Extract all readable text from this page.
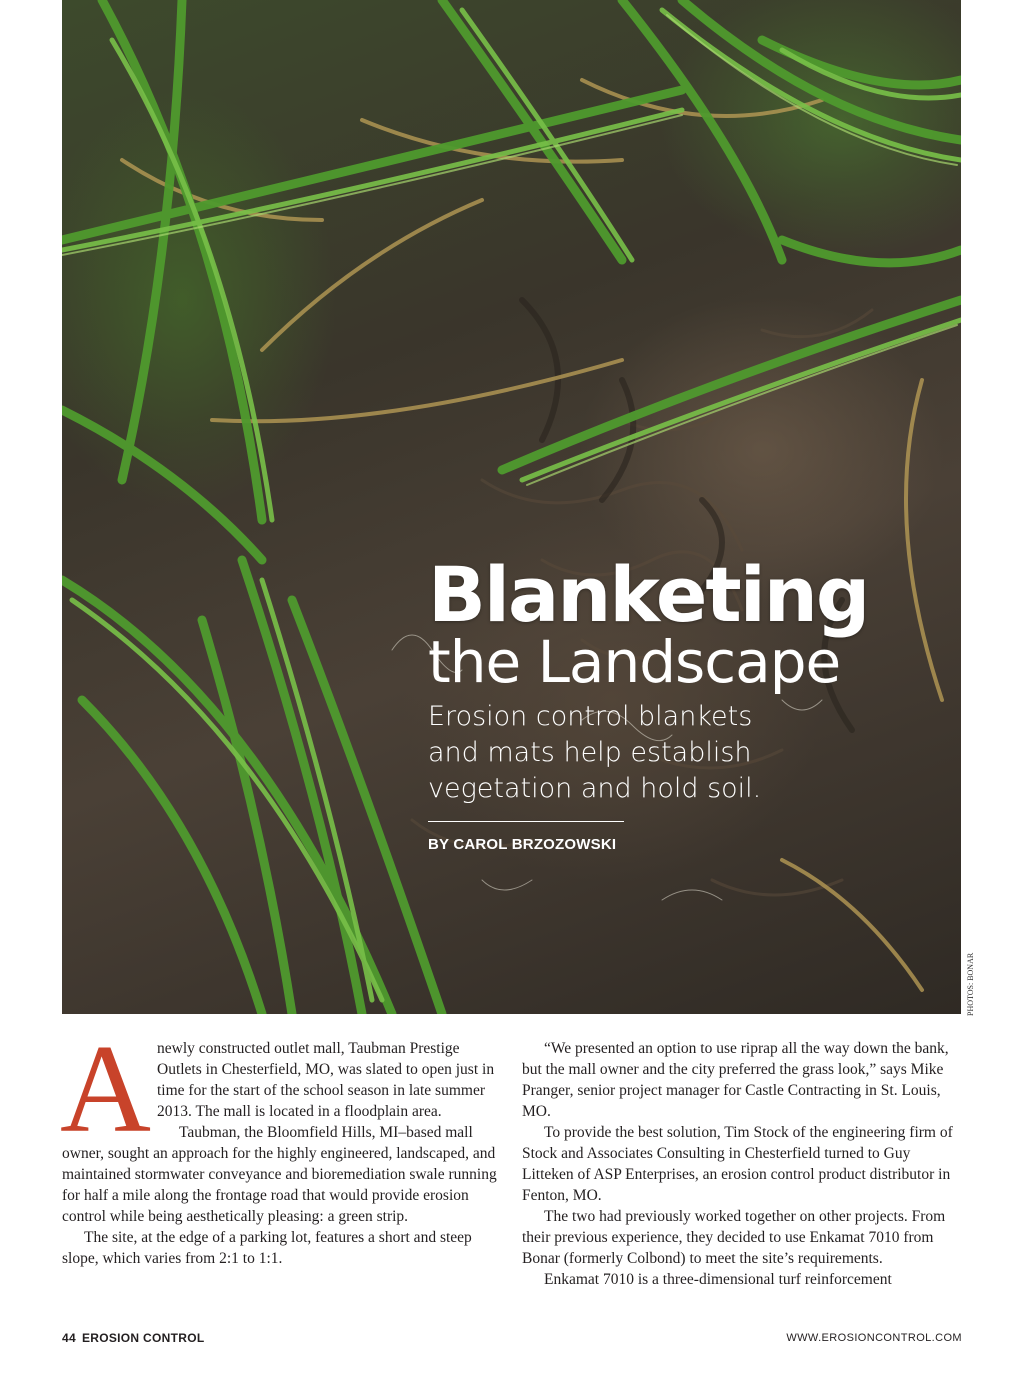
Blanketing
the Landscape
Erosion control blankets and mats help establish vegetation and hold soil.
BY CAROL BRZOZOWSKI
PHOTOS: BONAR

A newly constructed outlet mall, Taubman Prestige Outlets in Chesterfield, MO, was slated to open just in time for the start of the school season in late summer 2013. The mall is located in a floodplain area.

Taubman, the Bloomfield Hills, MI–based mall owner, sought an approach for the highly engineered, landscaped, and maintained stormwater conveyance and bioremediation swale running for half a mile along the frontage road that would provide erosion control while being aesthetically pleasing: a green strip.

The site, at the edge of a parking lot, features a short and steep slope, which varies from 2:1 to 1:1.

“We presented an option to use riprap all the way down the bank, but the mall owner and the city preferred the grass look,” says Mike Pranger, senior project manager for Castle Contracting in St. Louis, MO.

To provide the best solution, Tim Stock of the engineering firm of Stock and Associates Consulting in Chesterfield turned to Guy Litteken of ASP Enterprises, an erosion control product distributor in Fenton, MO.

The two had previously worked together on other projects. From their previous experience, they decided to use Enkamat 7010 from Bonar (formerly Colbond) to meet the site’s requirements.

Enkamat 7010 is a three-dimensional turf reinforcement

44 EROSION CONTROL	WWW.EROSIONCONTROL.COM
